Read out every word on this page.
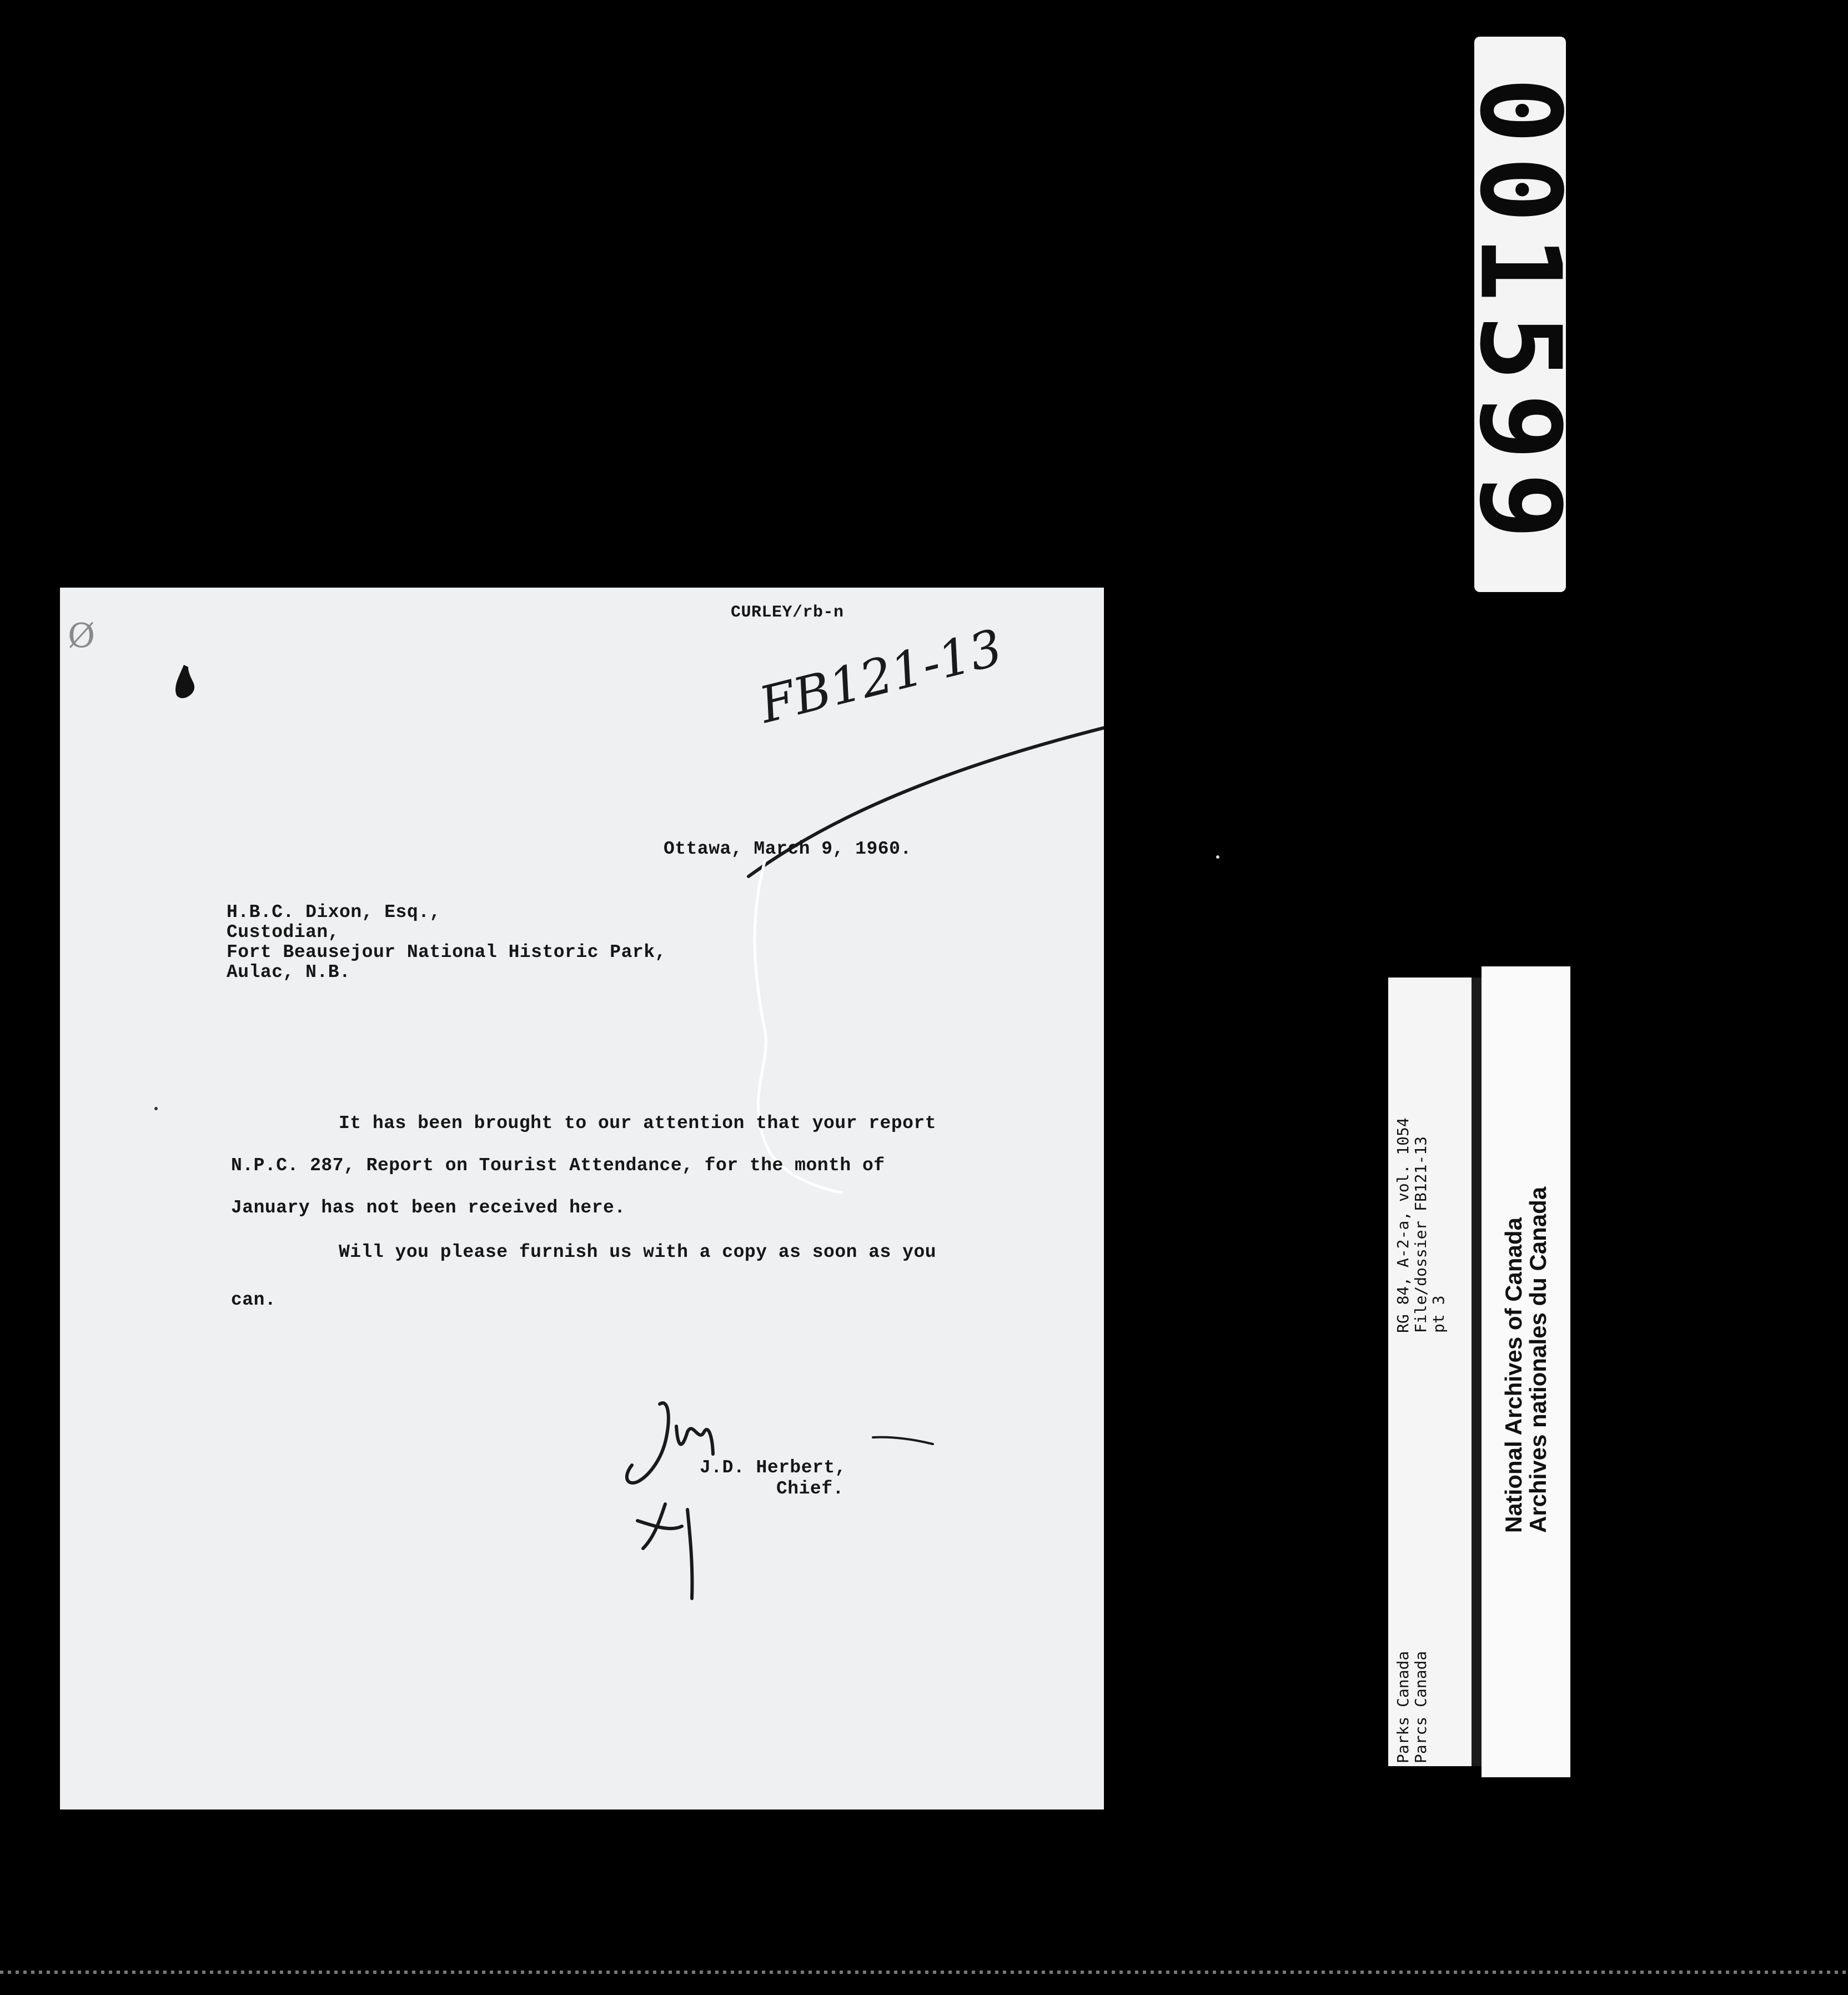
Ø
CURLEY/rb-n
FB121-13
Ottawa, March 9, 1960.
H.B.C. Dixon, Esq.,
Custodian,
Fort Beausejour National Historic Park,
Aulac, N.B.
It has been brought to our attention that your report
N.P.C. 287, Report on Tourist Attendance, for the month of
January has not been received here.
Will you please furnish us with a copy as soon as you
can.
J.D. Herbert,
Chief.
001599
RG 84, A-2-a, vol. 1054 File/dossier FB121-13 pt 3
Parks Canada Parcs Canada
National Archives of Canada
Archives nationales du Canada
